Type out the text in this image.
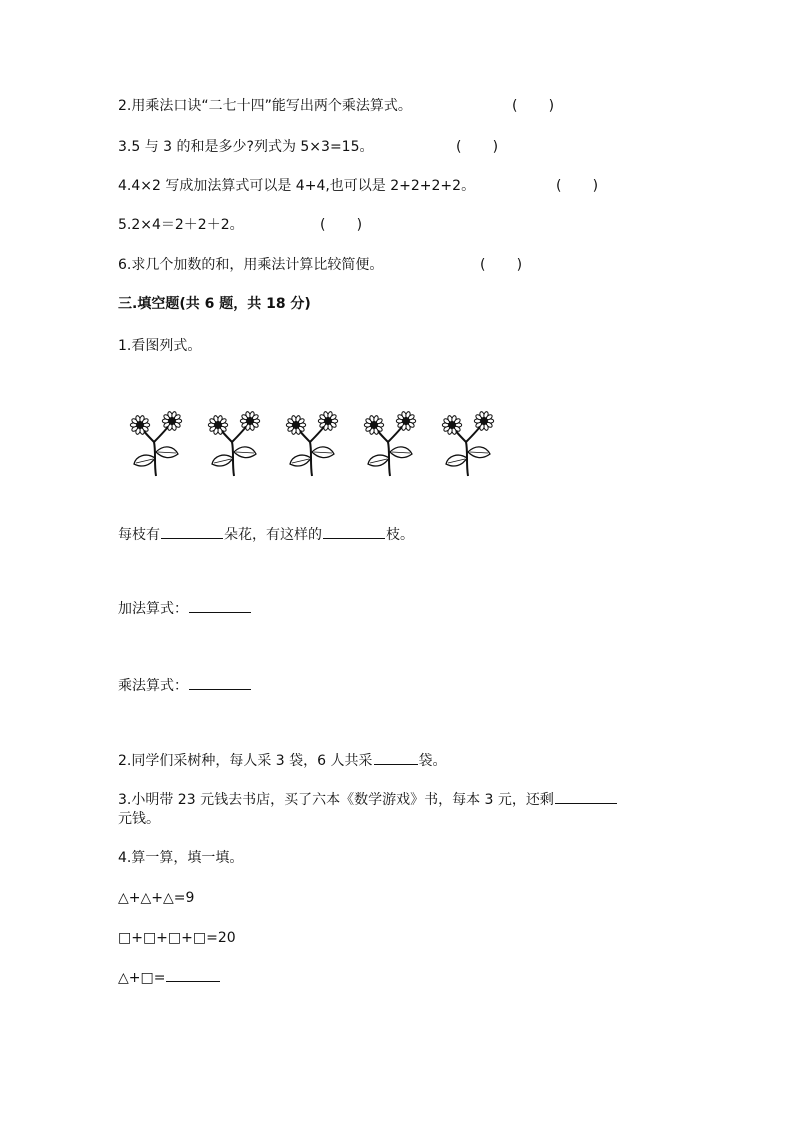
2.用乘法口诀“二七十四”能写出两个乘法算式。	(       )
3.5 与 3 的和是多少?列式为 5×3=15。	(       )
4.4×2 写成加法算式可以是 4+4,也可以是 2+2+2+2。	(       )
5.2×4＝2＋2＋2。	(       )
6.求几个加数的和，用乘法计算比较简便。	(       )
三.填空题(共 6 题，共 18 分)
1.看图列式。
每枝有	朵花，有这样的	枝。
加法算式：
乘法算式：
2.同学们采树种，每人采 3 袋，6 人共采	袋。
3.小明带 23 元钱去书店，买了六本《数学游戏》书，每本 3 元，还剩
元钱。
4.算一算，填一填。
△+△+△=9
□+□+□+□=20
△+□=
